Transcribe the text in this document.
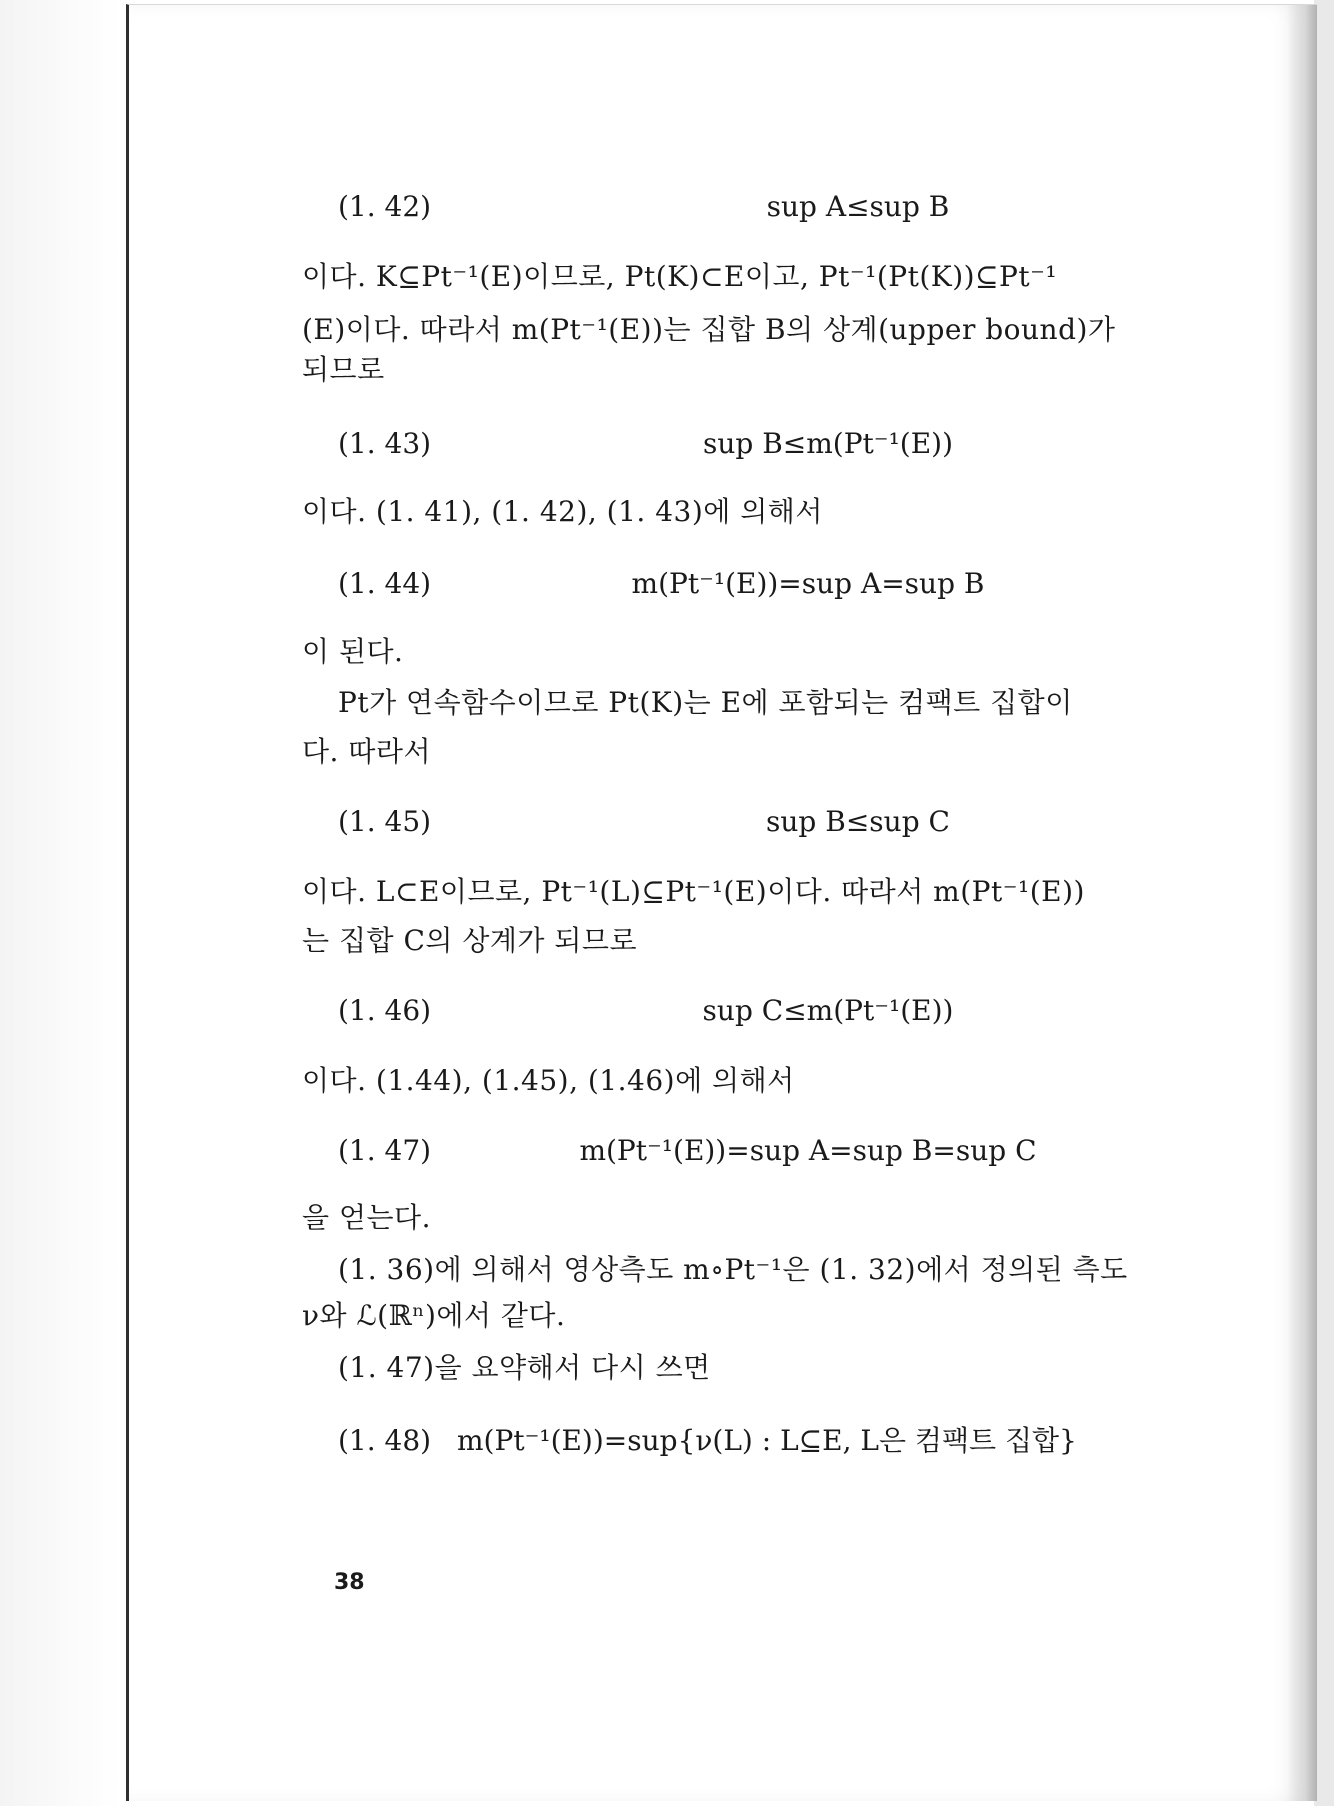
(1. 42)	sup A≤sup B

이다. K⊆Pt⁻¹(E)이므로, Pt(K)⊂E이고, Pt⁻¹(Pt(K))⊆Pt⁻¹

(E)이다. 따라서 m(Pt⁻¹(E))는 집합 B의 상계(upper bound)가

되므로

(1. 43)	sup B≤m(Pt⁻¹(E))

이다. (1. 41), (1. 42), (1. 43)에 의해서

(1. 44)	m(Pt⁻¹(E))=sup A=sup B

이 된다.

Pt가 연속함수이므로 Pt(K)는 E에 포함되는 컴팩트 집합이

다. 따라서

(1. 45)	sup B≤sup C

이다. L⊂E이므로, Pt⁻¹(L)⊆Pt⁻¹(E)이다. 따라서 m(Pt⁻¹(E))

는 집합 C의 상계가 되므로

(1. 46)	sup C≤m(Pt⁻¹(E))

이다. (1.44), (1.45), (1.46)에 의해서

(1. 47)	m(Pt⁻¹(E))=sup A=sup B=sup C

을 얻는다.

(1. 36)에 의해서 영상측도 m∘Pt⁻¹은 (1. 32)에서 정의된 측도

ν와 ℒ(ℝⁿ)에서 같다.

(1. 47)을 요약해서 다시 쓰면

(1. 48) m(Pt⁻¹(E))=sup{ν(L) : L⊆E, L은 컴팩트 집합}
38
